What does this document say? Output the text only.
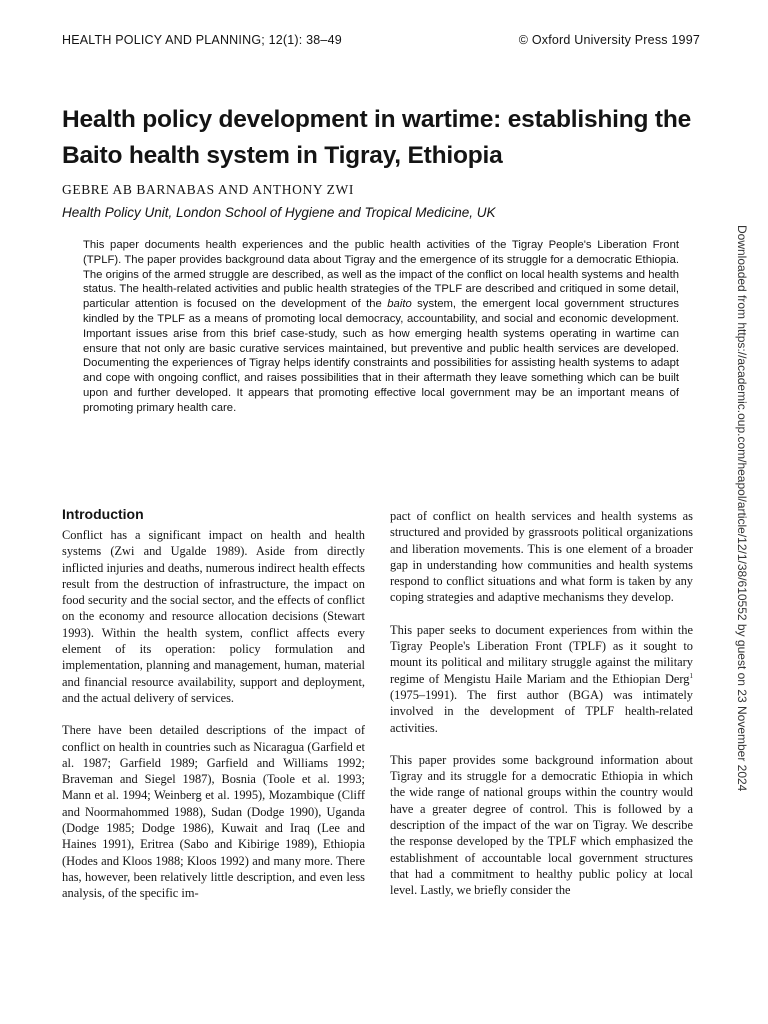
HEALTH POLICY AND PLANNING; 12(1): 38–49	© Oxford University Press 1997
Health policy development in wartime: establishing the Baito health system in Tigray, Ethiopia

GEBRE AB BARNABAS AND ANTHONY ZWI

Health Policy Unit, London School of Hygiene and Tropical Medicine, UK

This paper documents health experiences and the public health activities of the Tigray People's Liberation Front (TPLF). The paper provides background data about Tigray and the emergence of its struggle for a democratic Ethiopia. The origins of the armed struggle are described, as well as the impact of the conflict on local health systems and health status. The health-related activities and public health strategies of the TPLF are described and critiqued in some detail, particular attention is focused on the development of the baito system, the emergent local government structures kindled by the TPLF as a means of promoting local democracy, accountability, and social and economic development. Important issues arise from this brief case-study, such as how emerging health systems operating in wartime can ensure that not only are basic curative services maintained, but preventive and public health services are developed. Documenting the experiences of Tigray helps identify constraints and possibilities for assisting health systems to adapt and cope with ongoing conflict, and raises possibilities that in their aftermath they leave something which can be built upon and further developed. It appears that promoting effective local government may be an important means of promoting primary health care.

Introduction

Conflict has a significant impact on health and health systems (Zwi and Ugalde 1989). Aside from directly inflicted injuries and deaths, numerous indirect health effects result from the destruction of infrastructure, the impact on food security and the social sector, and the effects of conflict on the economy and resource allocation decisions (Stewart 1993). Within the health system, conflict affects every element of its operation: policy formulation and implementation, planning and management, human, material and financial resource availability, support and deployment, and the actual delivery of services.

There have been detailed descriptions of the impact of conflict on health in countries such as Nicaragua (Garfield et al. 1987; Garfield 1989; Garfield and Williams 1992; Braveman and Siegel 1987), Bosnia (Toole et al. 1993; Mann et al. 1994; Weinberg et al. 1995), Mozambique (Cliff and Noormahommed 1988), Sudan (Dodge 1990), Uganda (Dodge 1985; Dodge 1986), Kuwait and Iraq (Lee and Haines 1991), Eritrea (Sabo and Kibirige 1989), Ethiopia (Hodes and Kloos 1988; Kloos 1992) and many more. There has, however, been relatively little description, and even less analysis, of the specific im-

pact of conflict on health services and health systems as structured and provided by grassroots political organizations and liberation movements. This is one element of a broader gap in understanding how communities and health systems respond to conflict situations and what form is taken by any coping strategies and adaptive mechanisms they develop.

This paper seeks to document experiences from within the Tigray People's Liberation Front (TPLF) as it sought to mount its political and military struggle against the military regime of Mengistu Haile Mariam and the Ethiopian Derg$^1$ (1975–1991). The first author (BGA) was intimately involved in the development of TPLF health-related activities.

This paper provides some background information about Tigray and its struggle for a democratic Ethiopia in which the wide range of national groups within the country would have a greater degree of control. This is followed by a description of the impact of the war on Tigray. We describe the response developed by the TPLF which emphasized the establishment of accountable local government structures that had a commitment to healthy public policy at local level. Lastly, we briefly consider the

Downloaded from https://academic.oup.com/heapol/article/12/1/38/610552 by guest on 23 November 2024
